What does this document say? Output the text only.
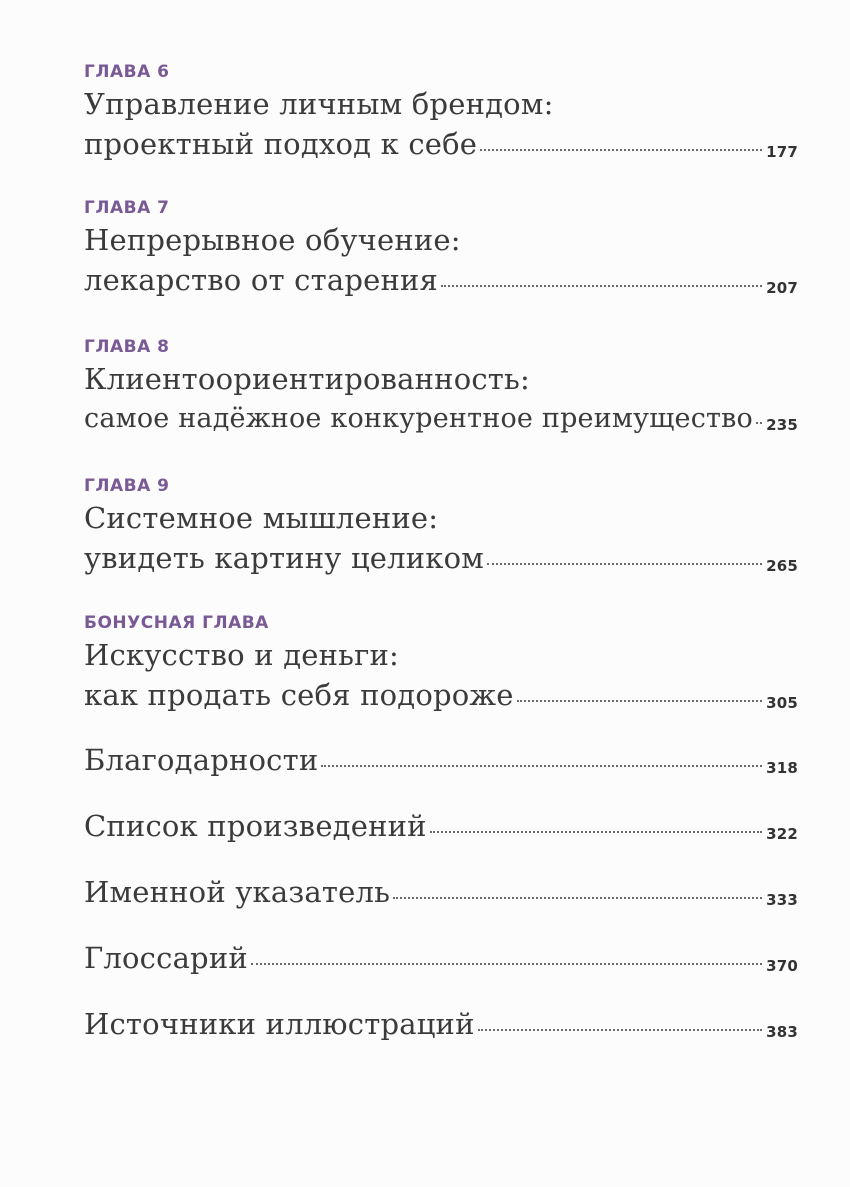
ГЛАВА 6
Управление личным брендом:
проектный подход к себе	177
ГЛАВА 7
Непрерывное обучение:
лекарство от старения	207
ГЛАВА 8
Клиентоориентированность:
самое надёжное конкурентное преимущество 235
ГЛАВА 9
Системное мышление:
увидеть картину целиком	265
БОНУСНАЯ ГЛАВА
Искусство и деньги:
как продать себя подороже	305
Благодарности	318
Список произведений	322
Именной указатель	333
Глоссарий	370
Источники иллюстраций	383
